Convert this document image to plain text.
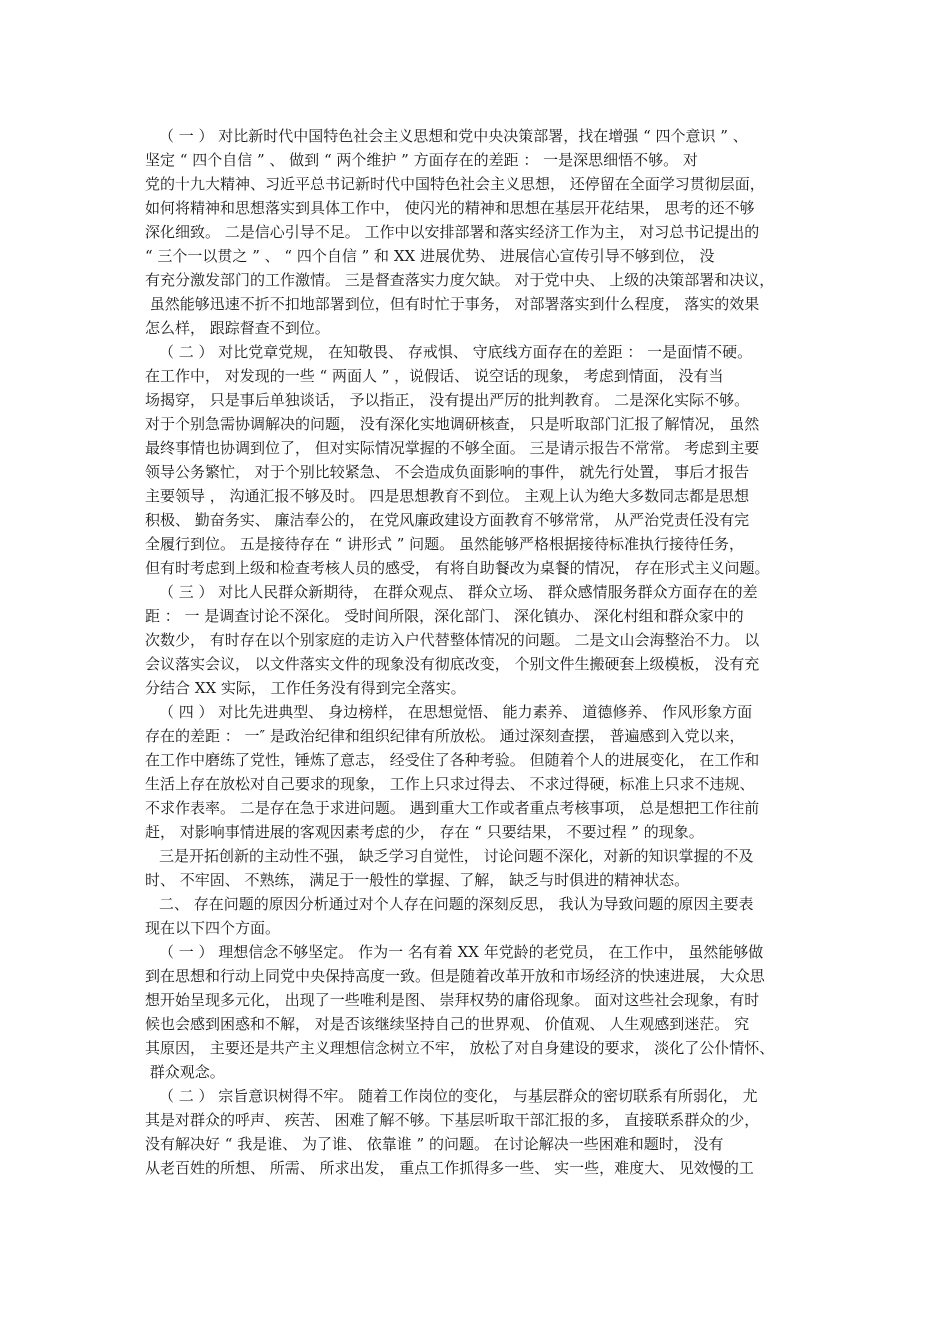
（ 一 ） 对比新时代中国特色社会主义思想和党中央决策部署，找在增强 “ 四个意识 ” 、
坚定 “ 四个自信 ” 、 做到 “ 两个维护 ” 方面存在的差距 ： 一是深思细悟不够。 对
党的十九大精神、习近平总书记新时代中国特色社会主义思想， 还停留在全面学习贯彻层面，
如何将精神和思想落实到具体工作中， 使闪光的精神和思想在基层开花结果， 思考的还不够
深化细致。 二是信心引导不足。 工作中以安排部署和落实经济工作为主， 对习总书记提出的
“ 三个一以贯之 ” 、 “ 四个自信 ” 和 XX 进展优势、 进展信心宣传引导不够到位， 没
有充分激发部门的工作激情。 三是督查落实力度欠缺。 对于党中央、 上级的决策部署和决议，
虽然能够迅速不折不扣地部署到位，但有时忙于事务， 对部署落实到什么程度， 落实的效果
怎么样， 跟踪督查不到位。
（ 二 ） 对比党章党规， 在知敬畏、 存戒惧、 守底线方面存在的差距 ： 一是面情不硬。
在工作中， 对发现的一些 “ 两面人 ” ，说假话、 说空话的现象， 考虑到情面， 没有当
场揭穿， 只是事后单独谈话， 予以指正， 没有提出严厉的批判教育。 二是深化实际不够。
对于个别急需协调解决的问题， 没有深化实地调研核查， 只是听取部门汇报了解情况， 虽然
最终事情也协调到位了， 但对实际情况掌握的不够全面。 三是请示报告不常常。 考虑到主要
领导公务繁忙， 对于个别比较紧急、 不会造成负面影响的事件， 就先行处置， 事后才报告
主要领导 ， 沟通汇报不够及时。 四是思想教育不到位。 主观上认为绝大多数同志都是思想
积极、 勤奋务实、 廉洁奉公的， 在党风廉政建设方面教育不够常常， 从严治党责任没有完
全履行到位。 五是接待存在 “ 讲形式 ” 问题。 虽然能够严格根据接待标准执行接待任务，
但有时考虑到上级和检查考核人员的感受， 有将自助餐改为桌餐的情况， 存在形式主义问题。
（ 三 ） 对比人民群众新期待， 在群众观点、 群众立场、 群众感情服务群众方面存在的差
距 ： 一 是调查讨论不深化。 受时间所限，深化部门、 深化镇办、 深化村组和群众家中的
次数少， 有时存在以个别家庭的走访入户代替整体情况的问题。 二是文山会海整治不力。 以
会议落实会议， 以文件落实文件的现象没有彻底改变， 个别文件生搬硬套上级模板， 没有充
分结合 XX 实际， 工作任务没有得到完全落实。
（ 四 ） 对比先进典型、 身边榜样， 在思想觉悟、 能力素养、 道德修养、 作风形象方面
存在的差距 ： 一″ 是政治纪律和组织纪律有所放松。 通过深刻查摆， 普遍感到入党以来，
在工作中磨练了党性，锤炼了意志， 经受住了各种考验。 但随着个人的进展变化， 在工作和
生活上存在放松对自己要求的现象， 工作上只求过得去、 不求过得硬，标准上只求不违规、
不求作表率。 二是存在急于求进问题。 遇到重大工作或者重点考核事项， 总是想把工作往前
赶， 对影响事情进展的客观因素考虑的少， 存在 “ 只要结果， 不要过程 ” 的现象。
三是开拓创新的主动性不强， 缺乏学习自觉性， 讨论问题不深化，对新的知识掌握的不及
时、 不牢固、 不熟练， 满足于一般性的掌握、了解， 缺乏与时俱进的精神状态。
二、 存在问题的原因分析通过对个人存在问题的深刻反思， 我认为导致问题的原因主要表
现在以下四个方面。
（ 一 ） 理想信念不够坚定。 作为一 名有着 XX 年党龄的老党员， 在工作中， 虽然能够做
到在思想和行动上同党中央保持高度一致。但是随着改革开放和市场经济的快速进展， 大众思
想开始呈现多元化， 出现了一些唯利是图、 崇拜权势的庸俗现象。 面对这些社会现象，有时
候也会感到困惑和不解， 对是否该继续坚持自己的世界观、 价值观、 人生观感到迷茫。 究
其原因， 主要还是共产主义理想信念树立不牢， 放松了对自身建设的要求， 淡化了公仆情怀、
群众观念。
（ 二 ） 宗旨意识树得不牢。 随着工作岗位的变化， 与基层群众的密切联系有所弱化， 尤
其是对群众的呼声、 疾苦、 困难了解不够。下基层听取干部汇报的多， 直接联系群众的少，
没有解决好 “ 我是谁、 为了谁、 依靠谁 ” 的问题。 在讨论解决一些困难和题时， 没有
从老百姓的所想、 所需、 所求出发， 重点工作抓得多一些、 实一些，难度大、 见效慢的工
